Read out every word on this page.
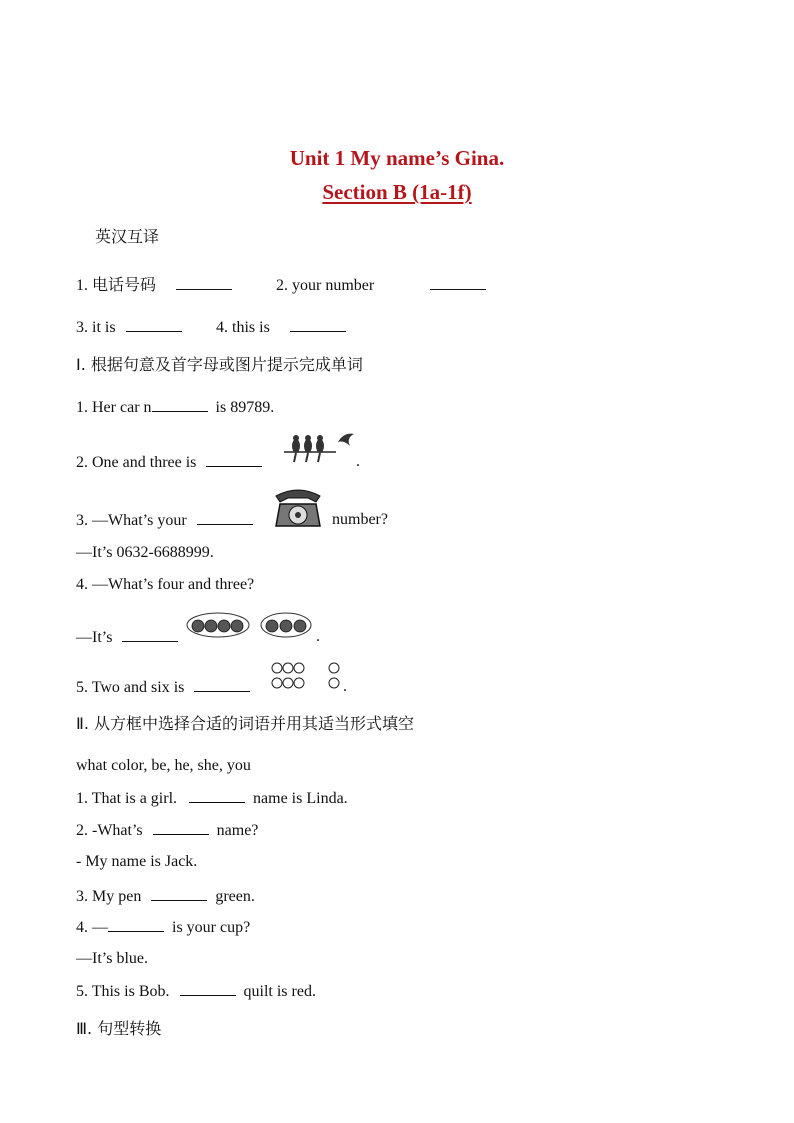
Unit 1 My name’s Gina.
Section B (1a-1f)
英汉互译
1. 电话号码	2. your number
3. it is	4. this is
Ⅰ. 根据句意及首字母或图片提示完成单词
1. Her car n	is 89789.
2. One and three is	.
3. —What’s your	number?
—It’s 0632-6688999.
4. —What’s four and three?
—It’s	.
5. Two and six is	.
Ⅱ. 从方框中选择合适的词语并用其适当形式填空
what color, be, he, she, you
1. That is a girl.	name is Linda.
2. -What’s	name?
- My name is Jack.
3. My pen	green.
4. —	is your cup?
—It’s blue.
5. This is Bob.	quilt is red.
Ⅲ. 句型转换
